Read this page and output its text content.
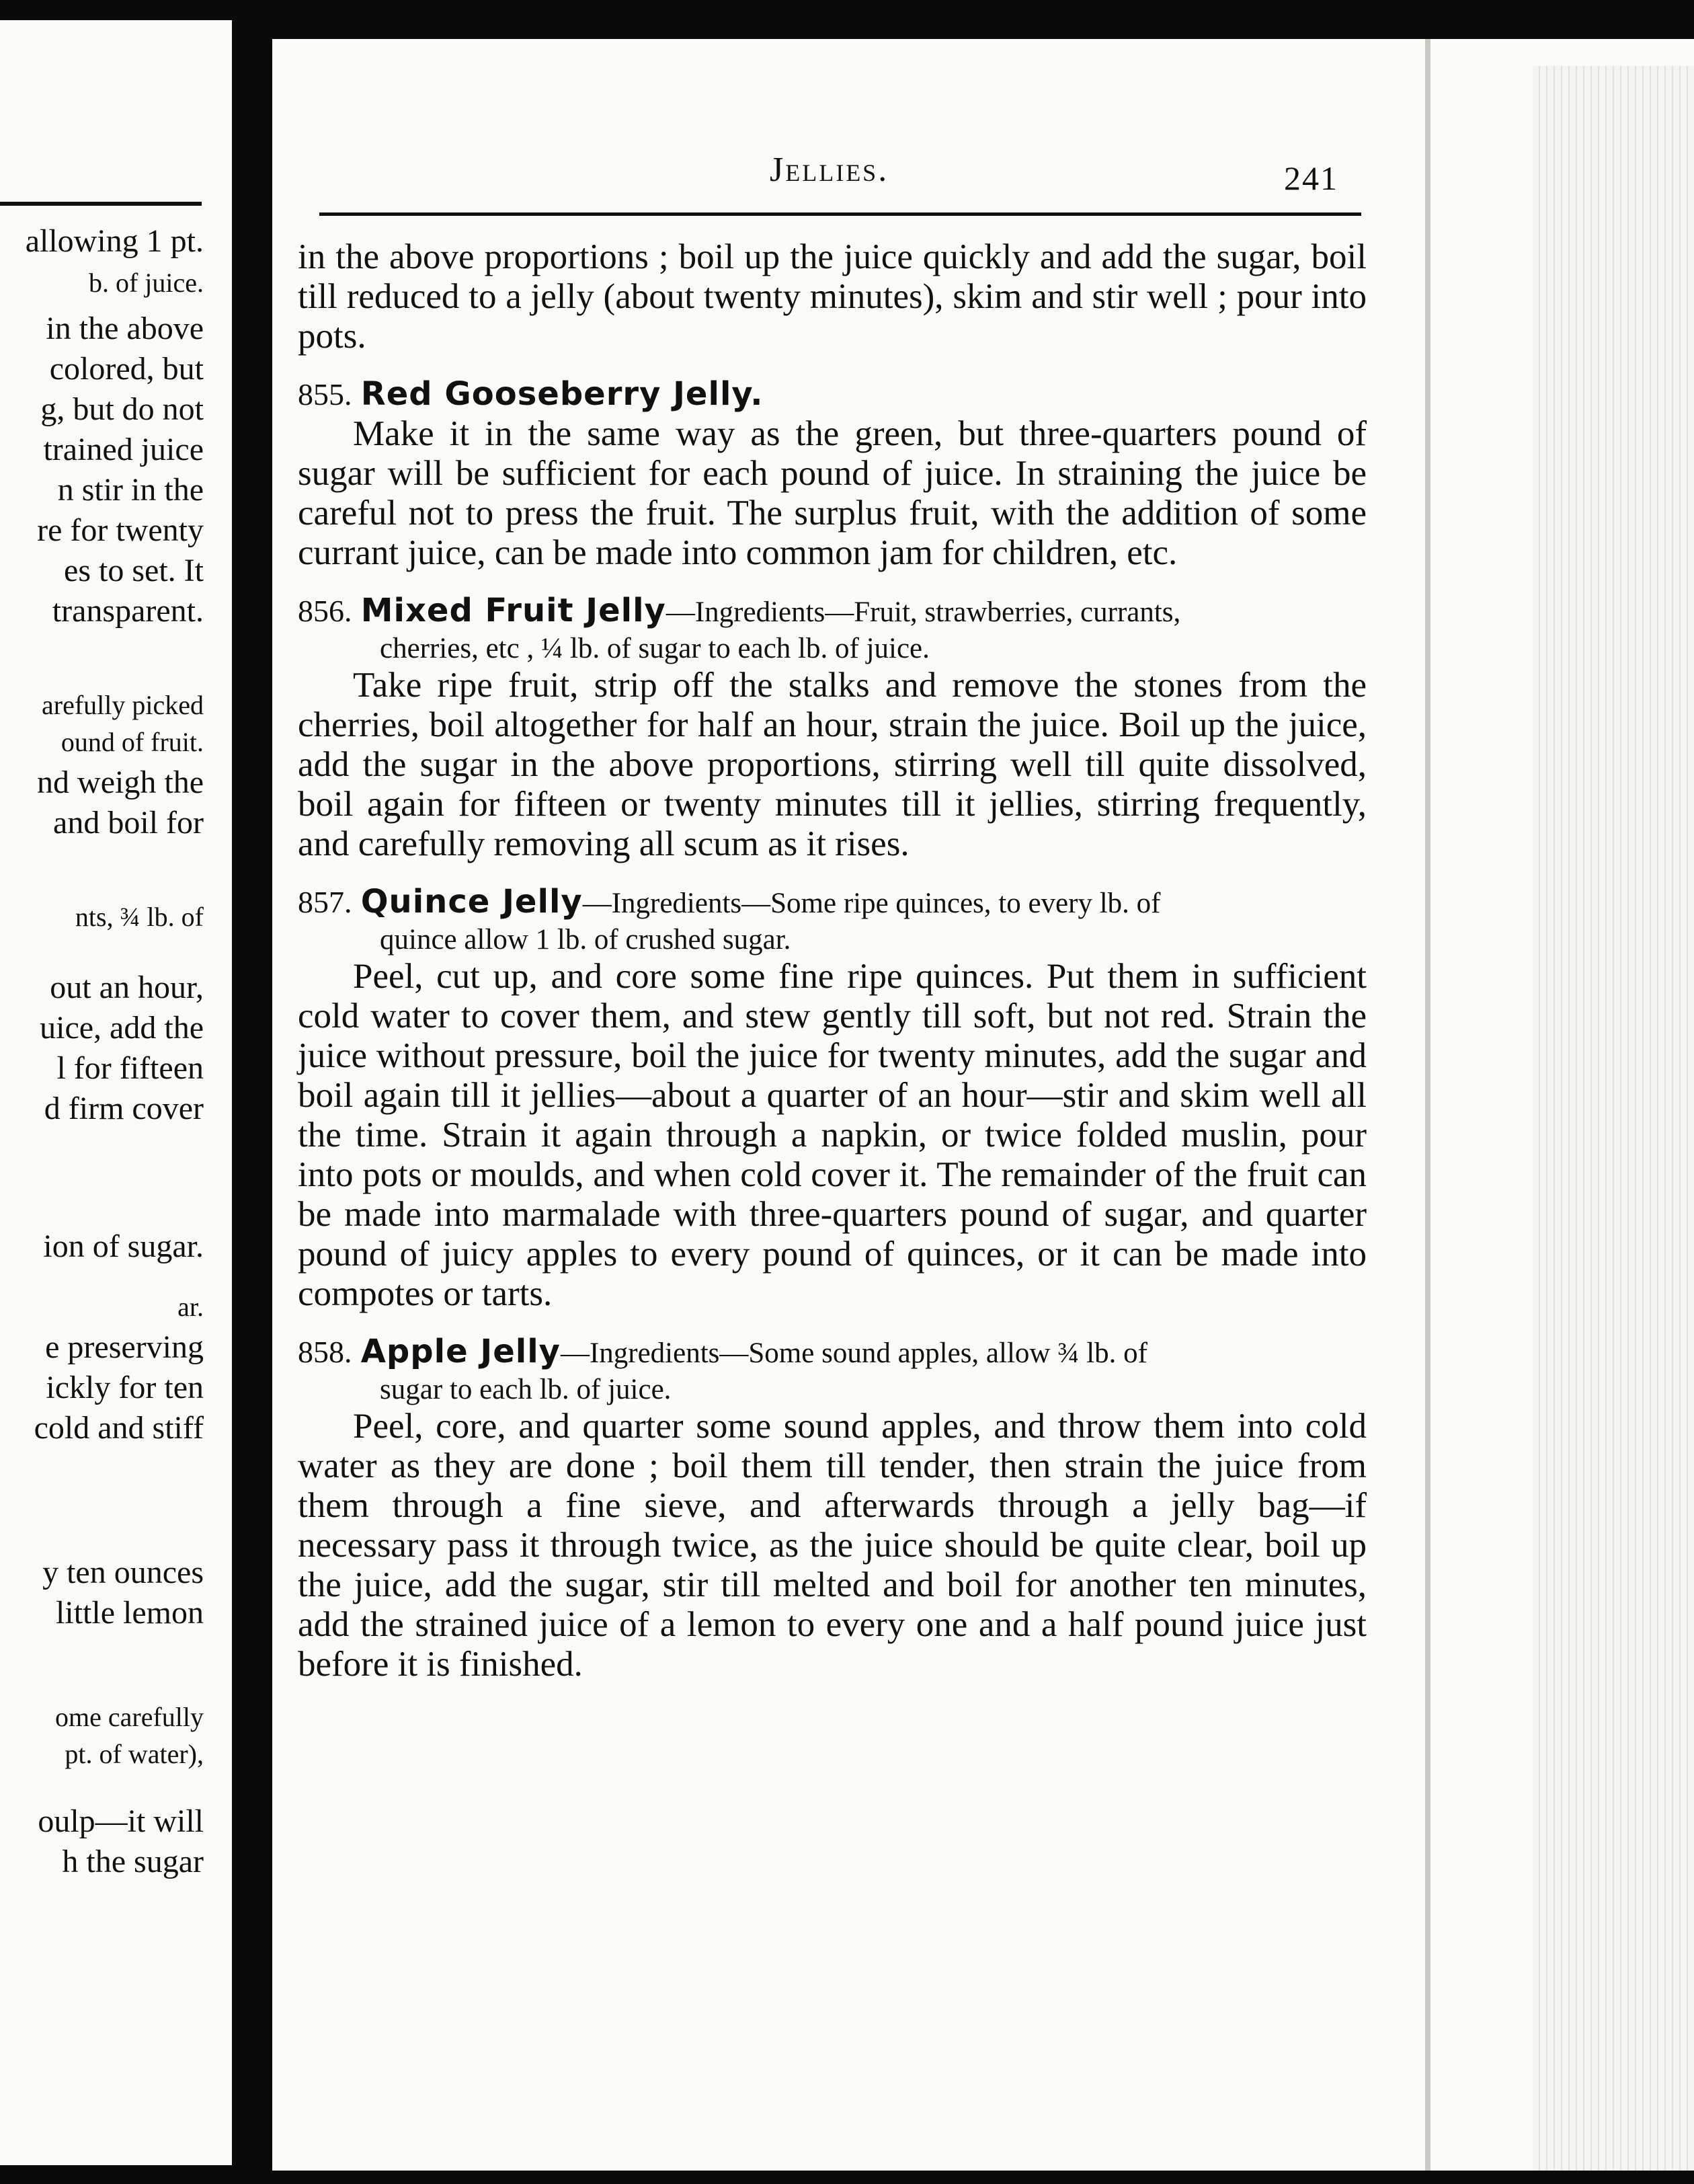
allowing 1 pt.
b. of juice.
in the above
colored, but
g, but do not
trained juice
n stir in the
re for twenty
es to set. It
transparent.
arefully picked
ound of fruit.
nd weigh the
and boil for
nts, ¾ lb. of
out an hour,
uice, add the
l for fifteen
d firm cover
ion of sugar.
ar.
e preserving
ickly for ten
cold and stiff
y ten ounces
little lemon
ome carefully
pt. of water),
oulp—it will
h the sugar
Jellies.	241

in the above proportions ; boil up the juice quickly and add the sugar, boil till reduced to a jelly (about twenty minutes), skim and stir well ; pour into pots.

855. Red Gooseberry Jelly.

Make it in the same way as the green, but three-quarters pound of sugar will be sufficient for each pound of juice. In straining the juice be careful not to press the fruit. The surplus fruit, with the addition of some currant juice, can be made into common jam for children, etc.

856. Mixed Fruit Jelly—Ingredients—Fruit, strawberries, currants,
cherries, etc , ¼ lb. of sugar to each lb. of juice.

Take ripe fruit, strip off the stalks and remove the stones from the cherries, boil altogether for half an hour, strain the juice. Boil up the juice, add the sugar in the above proportions, stirring well till quite dissolved, boil again for fifteen or twenty minutes till it jellies, stirring frequently, and carefully removing all scum as it rises.

857. Quince Jelly—Ingredients—Some ripe quinces, to every lb. of
quince allow 1 lb. of crushed sugar.

Peel, cut up, and core some fine ripe quinces. Put them in sufficient cold water to cover them, and stew gently till soft, but not red. Strain the juice without pressure, boil the juice for twenty minutes, add the sugar and boil again till it jellies—about a quarter of an hour—stir and skim well all the time. Strain it again through a napkin, or twice folded muslin, pour into pots or moulds, and when cold cover it. The remainder of the fruit can be made into marmalade with three-quarters pound of sugar, and quarter pound of juicy apples to every pound of quinces, or it can be made into compotes or tarts.

858. Apple Jelly—Ingredients—Some sound apples, allow ¾ lb. of
sugar to each lb. of juice.

Peel, core, and quarter some sound apples, and throw them into cold water as they are done ; boil them till tender, then strain the juice from them through a fine sieve, and afterwards through a jelly bag—if necessary pass it through twice, as the juice should be quite clear, boil up the juice, add the sugar, stir till melted and boil for another ten minutes, add the strained juice of a lemon to every one and a half pound juice just before it is finished.
